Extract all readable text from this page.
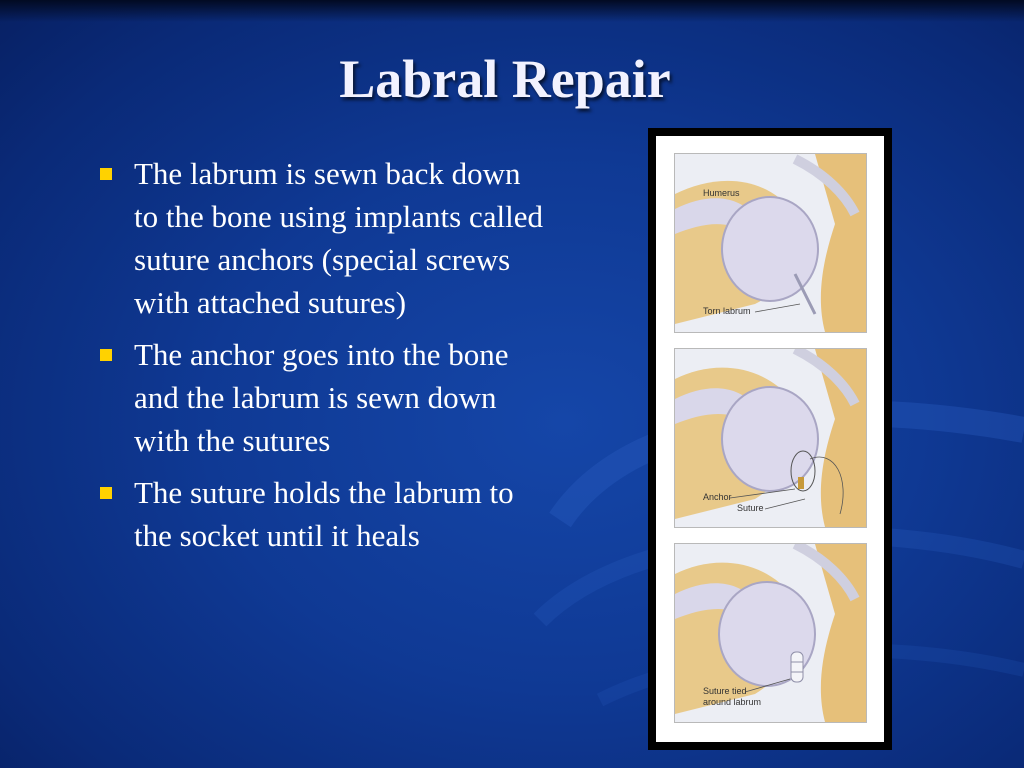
Labral Repair
The labrum is sewn back down to the bone using implants called suture anchors (special screws with attached sutures)
The anchor goes into the bone and the labrum is sewn down with the sutures
The suture holds the labrum to the socket until it heals
Humerus
Torn labrum
Anchor
Suture
Suture tied
around labrum
